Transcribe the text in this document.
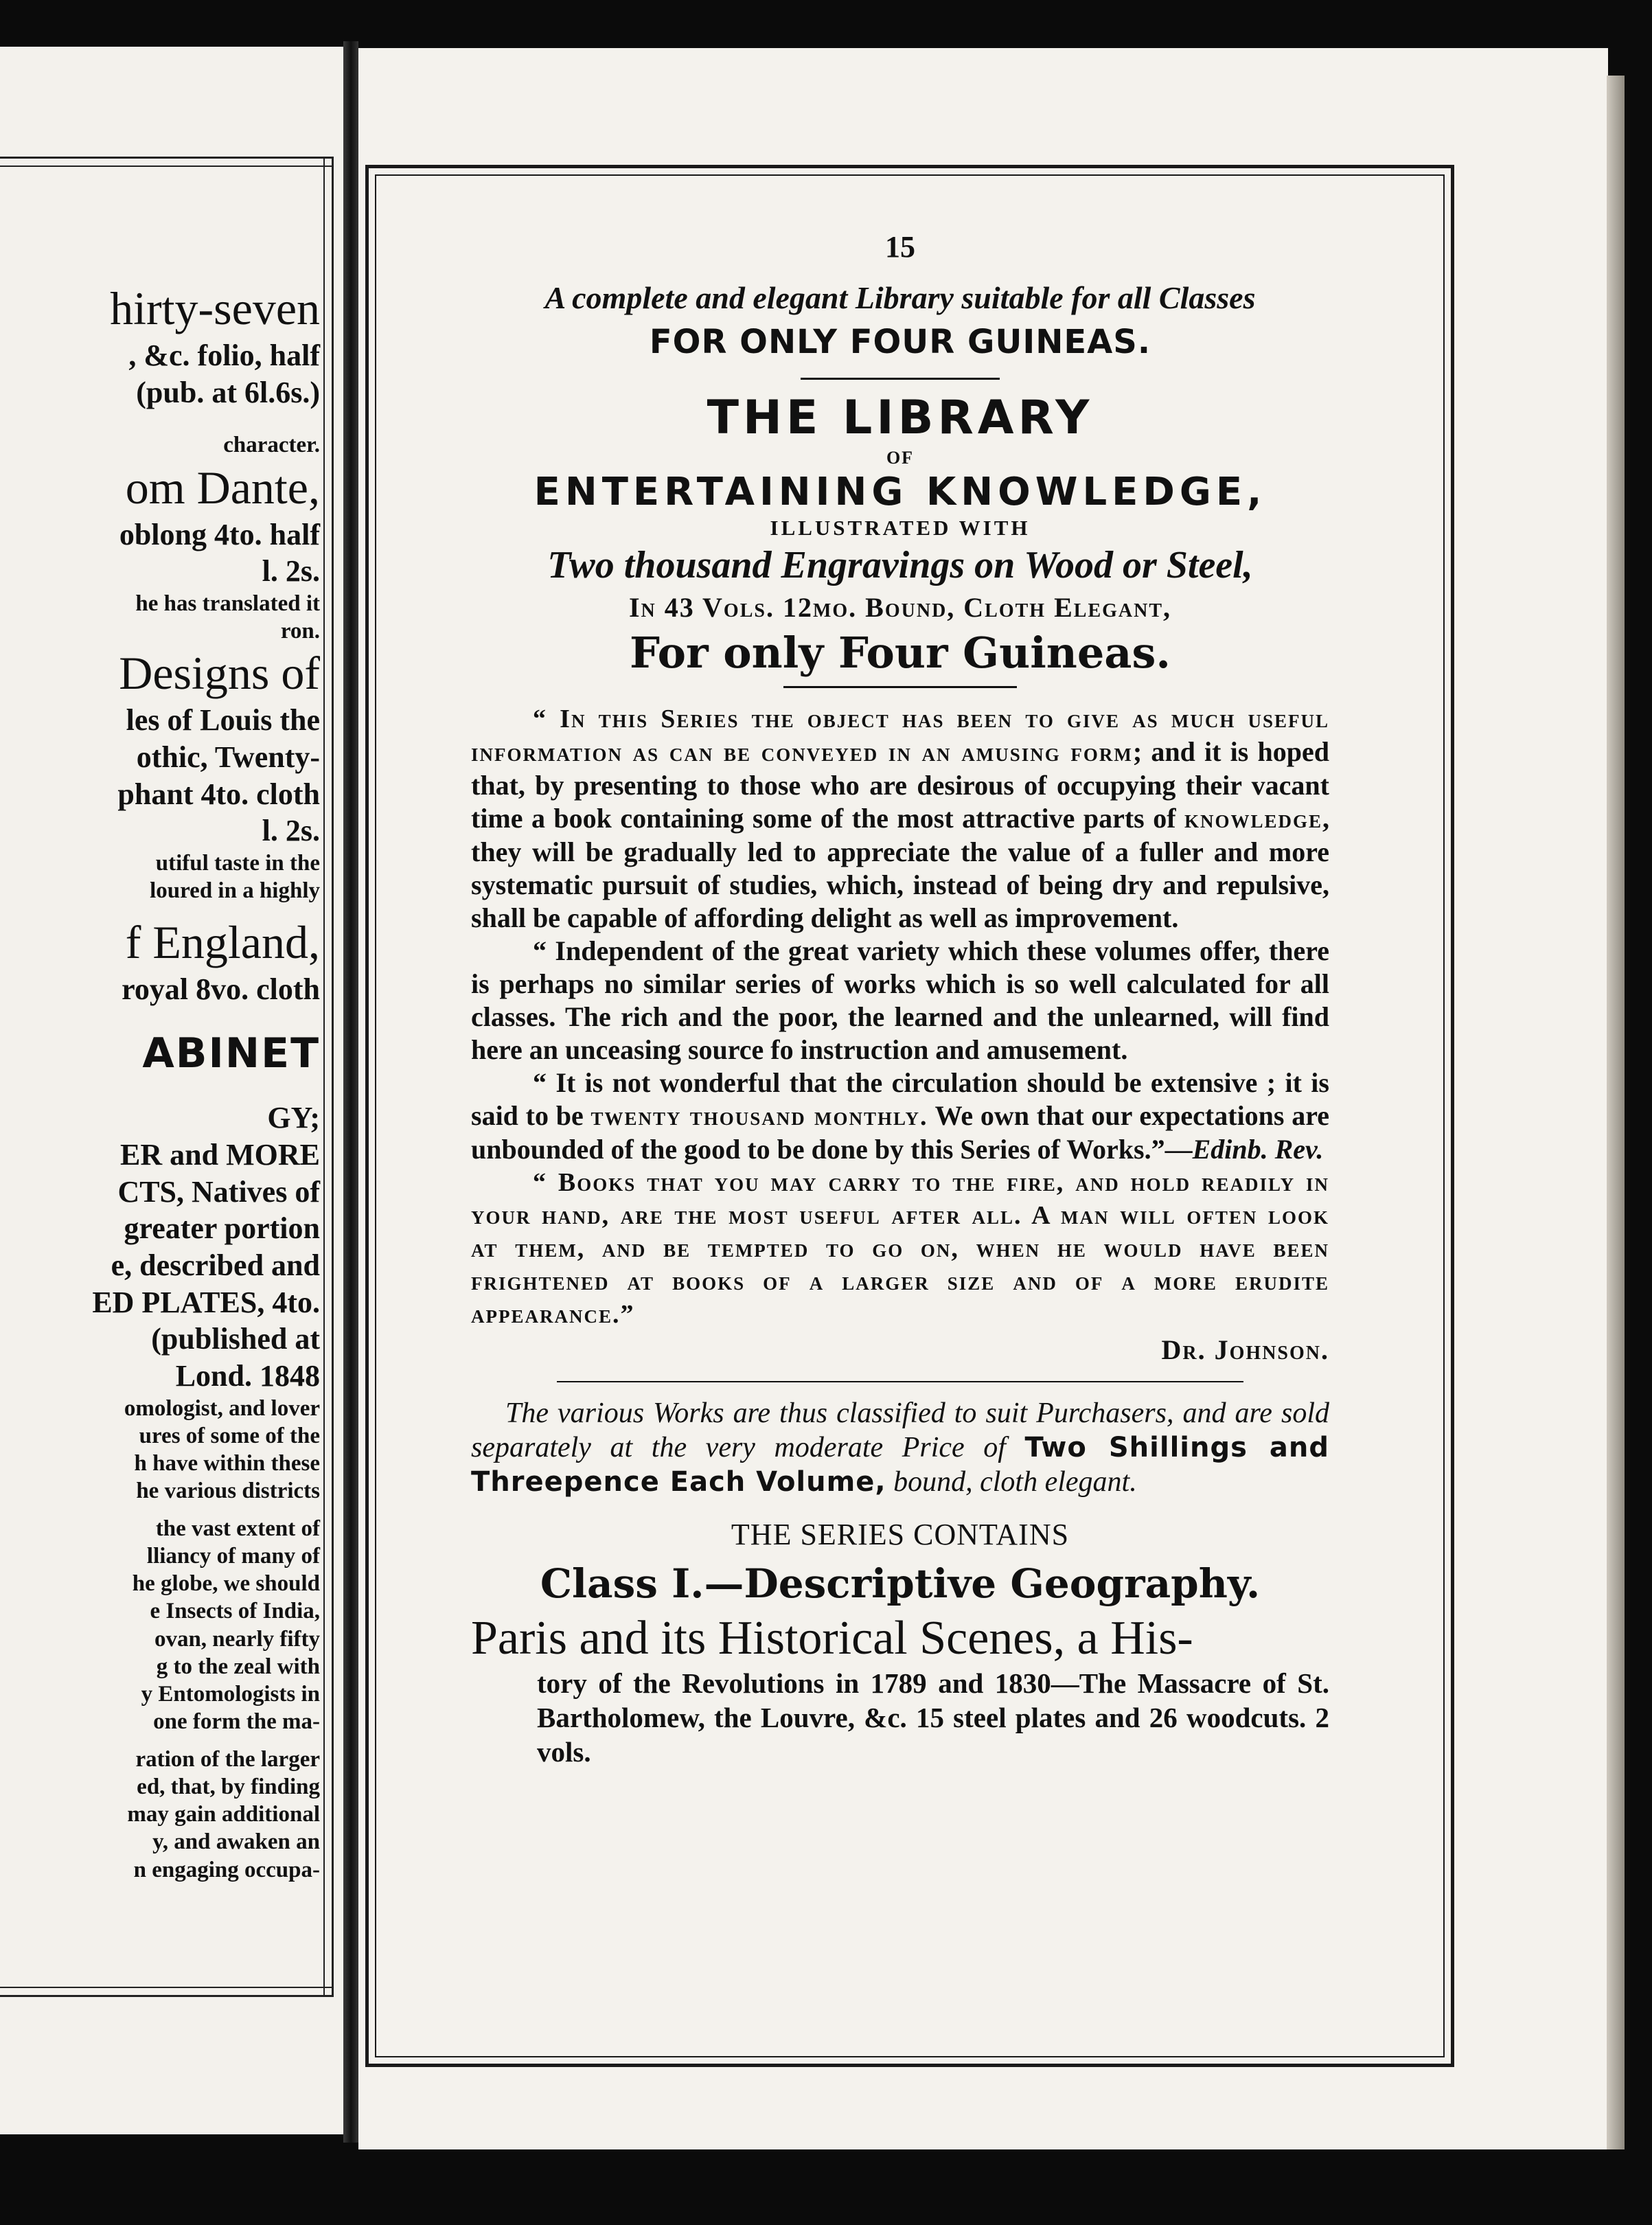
hirty-seven
, &c. folio, half
(pub. at 6l.6s.)
character.
om Dante,
oblong 4to. half
l. 2s.
he has translated it
ron.
Designs of
les of Louis the
othic, Twenty-
phant 4to. cloth
l. 2s.
utiful taste in the
loured in a highly
f England,
royal 8vo. cloth
ABINET
GY;
ER and MORE
CTS, Natives of
greater portion
e, described and
ED PLATES, 4to.
(published at
Lond. 1848
omologist, and lover
ures of some of the
h have within these
he various districts
the vast extent of
lliancy of many of
he globe, we should
e Insects of India,
ovan, nearly fifty
g to the zeal with
y Entomologists in
one form the ma-
ration of the larger
ed, that, by finding
may gain additional
y, and awaken an
n engaging occupa-
15
A complete and elegant Library suitable for all Classes
FOR ONLY FOUR GUINEAS.
THE LIBRARY
OF
ENTERTAINING KNOWLEDGE,
ILLUSTRATED WITH
Two thousand Engravings on Wood or Steel,
In 43 Vols. 12mo. Bound, Cloth Elegant,
For only Four Guineas.

“ In this Series the object has been to give as much useful information as can be conveyed in an amusing form; and it is hoped that, by presenting to those who are desirous of occupying their vacant time a book containing some of the most attractive parts of knowledge, they will be gradually led to appreciate the value of a fuller and more systematic pursuit of studies, which, instead of being dry and repulsive, shall be capable of affording delight as well as improvement.

“ Independent of the great variety which these volumes offer, there is perhaps no similar series of works which is so well calculated for all classes. The rich and the poor, the learned and the unlearned, will find here an unceasing source fo instruction and amusement.

“ It is not wonderful that the circulation should be extensive ; it is said to be twenty thousand monthly. We own that our expectations are unbounded of the good to be done by this Series of Works.”—Edinb. Rev.

“ Books that you may carry to the fire, and hold readily in your hand, are the most useful after all. A man will often look at them, and be tempted to go on, when he would have been frightened at books of a larger size and of a more erudite appearance.”

Dr. Johnson.

The various Works are thus classified to suit Purchasers, and are sold separately at the very moderate Price of Two Shillings and Threepence Each Volume, bound, cloth elegant.

THE SERIES CONTAINS
Class I.—Descriptive Geography.
Paris and its Historical Scenes, a His-
tory of the Revolutions in 1789 and 1830—The Massacre of St. Bartholomew, the Louvre, &c. 15 steel plates and 26 woodcuts. 2 vols.
